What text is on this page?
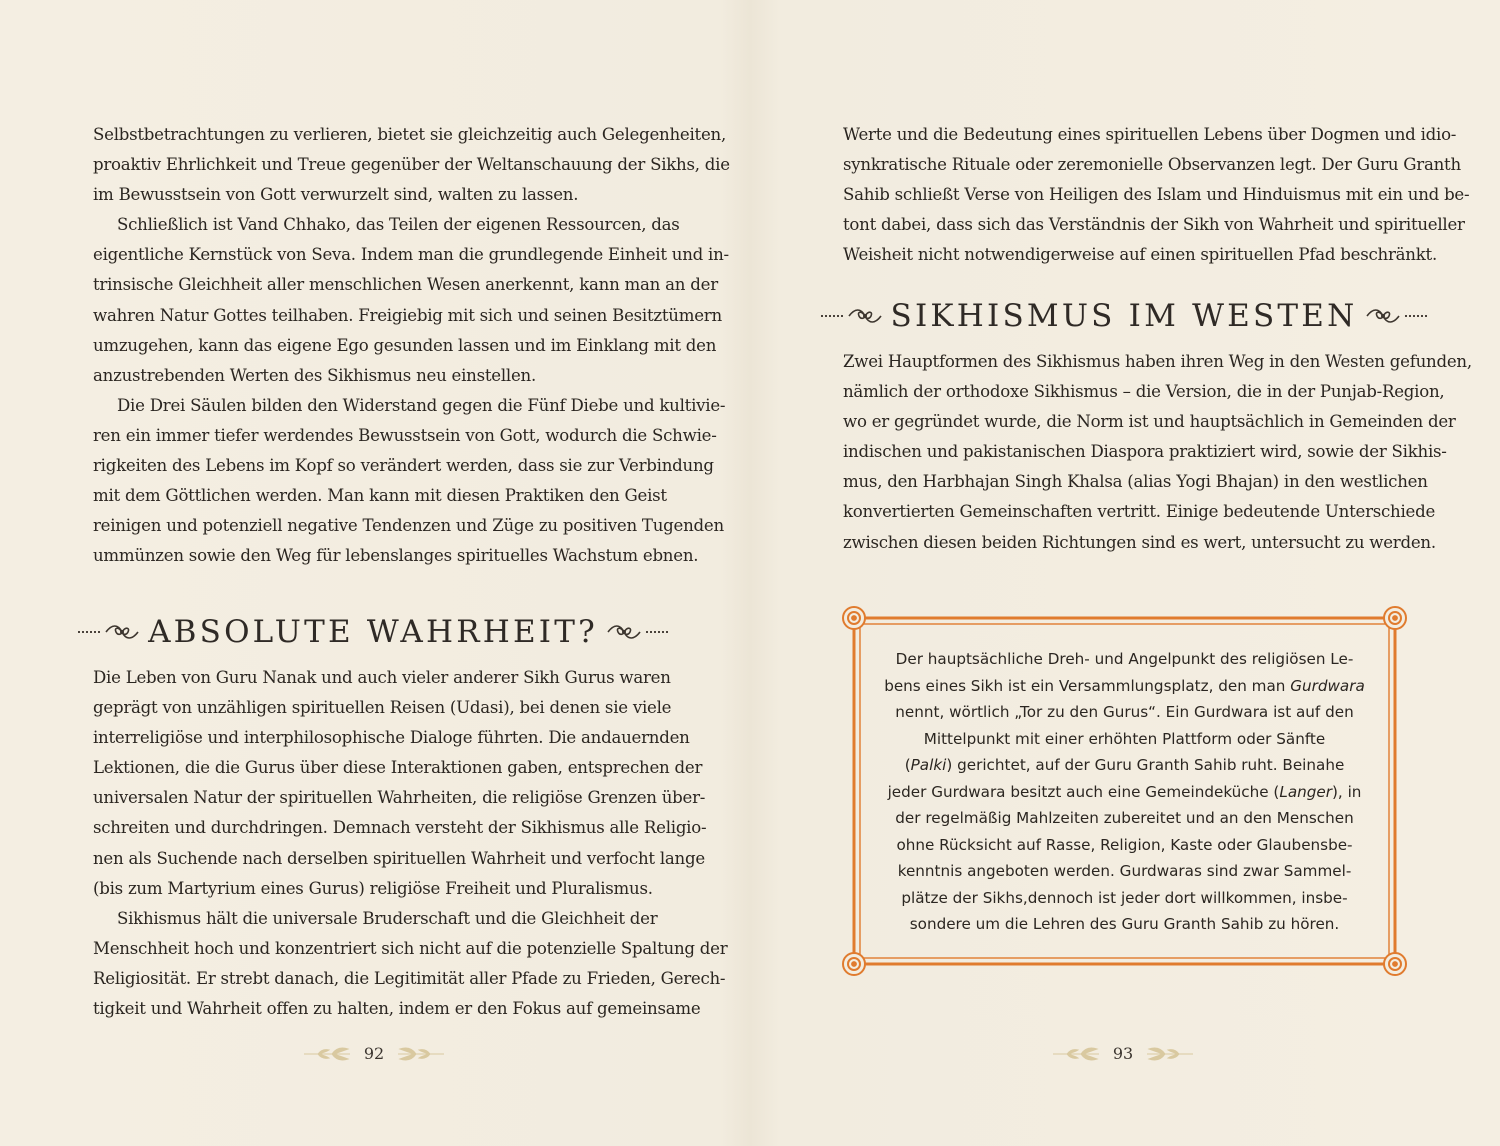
Selbstbetrachtungen zu verlieren, bietet sie gleichzeitig auch Gelegenheiten,
proaktiv Ehrlichkeit und Treue gegenüber der Weltanschauung der Sikhs, die
im Bewusstsein von Gott verwurzelt sind, walten zu lassen.
Schließlich ist Vand Chhako, das Teilen der eigenen Ressourcen, das
eigentliche Kernstück von Seva. Indem man die grundlegende Einheit und in-
trinsische Gleichheit aller menschlichen Wesen anerkennt, kann man an der
wahren Natur Gottes teilhaben. Freigiebig mit sich und seinen Besitztümern
umzugehen, kann das eigene Ego gesunden lassen und im Einklang mit den
anzustrebenden Werten des Sikhismus neu einstellen.
Die Drei Säulen bilden den Widerstand gegen die Fünf Diebe und kultivie-
ren ein immer tiefer werdendes Bewusstsein von Gott, wodurch die Schwie-
rigkeiten des Lebens im Kopf so verändert werden, dass sie zur Verbindung
mit dem Göttlichen werden. Man kann mit diesen Praktiken den Geist
reinigen und potenziell negative Tendenzen und Züge zu positiven Tugenden
ummünzen sowie den Weg für lebenslanges spirituelles Wachstum ebnen.
ABSOLUTE WAHRHEIT?
Die Leben von Guru Nanak und auch vieler anderer Sikh Gurus waren
geprägt von unzähligen spirituellen Reisen (Udasi), bei denen sie viele
interreligiöse und interphilosophische Dialoge führten. Die andauernden
Lektionen, die die Gurus über diese Interaktionen gaben, entsprechen der
universalen Natur der spirituellen Wahrheiten, die religiöse Grenzen über-
schreiten und durchdringen. Demnach versteht der Sikhismus alle Religio-
nen als Suchende nach derselben spirituellen Wahrheit und verfocht lange
(bis zum Martyrium eines Gurus) religiöse Freiheit und Pluralismus.
Sikhismus hält die universale Bruderschaft und die Gleichheit der
Menschheit hoch und konzentriert sich nicht auf die potenzielle Spaltung der
Religiosität. Er strebt danach, die Legitimität aller Pfade zu Frieden, Gerech-
tigkeit und Wahrheit offen zu halten, indem er den Fokus auf gemeinsame
92
Werte und die Bedeutung eines spirituellen Lebens über Dogmen und idio-
synkratische Rituale oder zeremonielle Observanzen legt. Der Guru Granth
Sahib schließt Verse von Heiligen des Islam und Hinduismus mit ein und be-
tont dabei, dass sich das Verständnis der Sikh von Wahrheit und spiritueller
Weisheit nicht notwendigerweise auf einen spirituellen Pfad beschränkt.
SIKHISMUS IM WESTEN
Zwei Hauptformen des Sikhismus haben ihren Weg in den Westen gefunden,
nämlich der orthodoxe Sikhismus – die Version, die in der Punjab-Region,
wo er gegründet wurde, die Norm ist und hauptsächlich in Gemeinden der
indischen und pakistanischen Diaspora praktiziert wird, sowie der Sikhis-
mus, den Harbhajan Singh Khalsa (alias Yogi Bhajan) in den westlichen
konvertierten Gemeinschaften vertritt. Einige bedeutende Unterschiede
zwischen diesen beiden Richtungen sind es wert, untersucht zu werden.
Der hauptsächliche Dreh- und Angelpunkt des religiösen Le-
bens eines Sikh ist ein Versammlungsplatz, den man Gurdwara
nennt, wörtlich „Tor zu den Gurus“. Ein Gurdwara ist auf den
Mittelpunkt mit einer erhöhten Plattform oder Sänfte
(Palki) gerichtet, auf der Guru Granth Sahib ruht. Beinahe
jeder Gurdwara besitzt auch eine Gemeindeküche (Langer), in
der regelmäßig Mahlzeiten zubereitet und an den Menschen
ohne Rücksicht auf Rasse, Religion, Kaste oder Glaubensbe-
kenntnis angeboten werden. Gurdwaras sind zwar Sammel-
plätze der Sikhs,dennoch ist jeder dort willkommen, insbe-
sondere um die Lehren des Guru Granth Sahib zu hören.
93
